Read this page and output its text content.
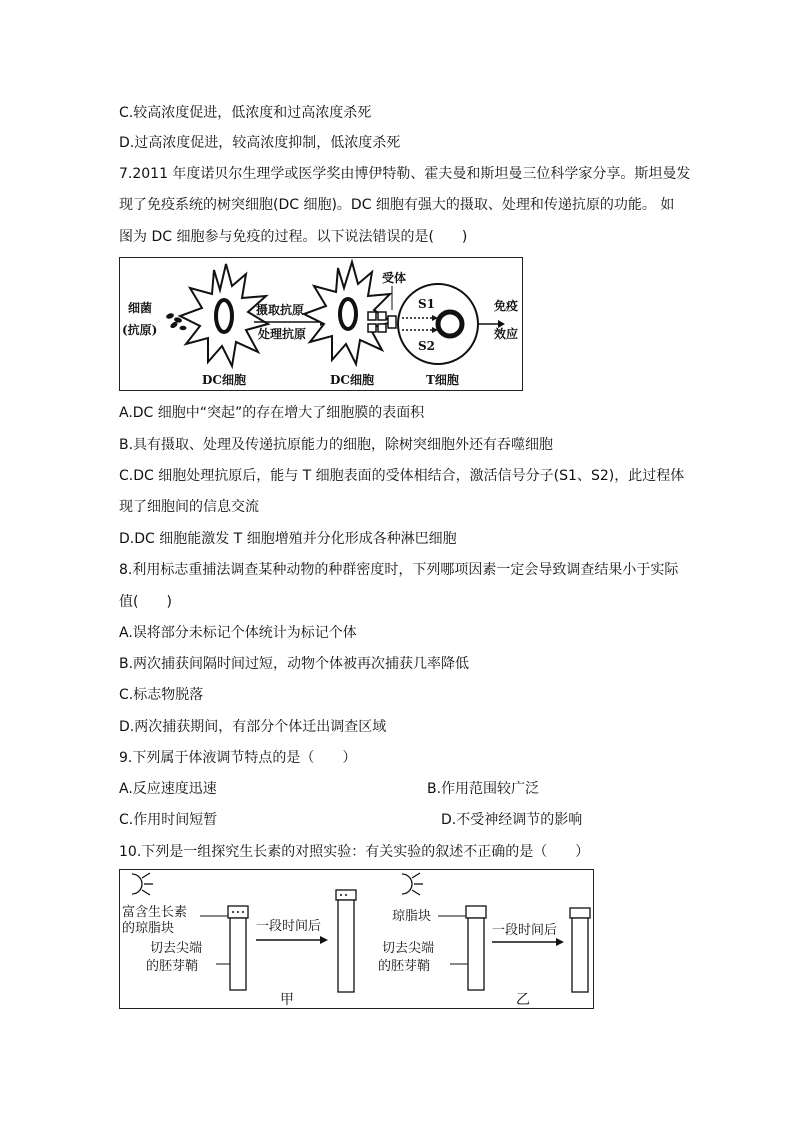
C.较高浓度促进，低浓度和过高浓度杀死
D.过高浓度促进，较高浓度抑制，低浓度杀死
7.2011 年度诺贝尔生理学或医学奖由博伊特勒、霍夫曼和斯坦曼三位科学家分享。斯坦曼发
现了免疫系统的树突细胞(DC 细胞)。DC 细胞有强大的摄取、处理和传递抗原的功能。 如
图为 DC 细胞参与免疫的过程。以下说法错误的是(　　)
细菌
(抗原)
DC细胞
摄取抗原
处理抗原
DC细胞
受体
S1
S2
T细胞
免疫
效应
A.DC 细胞中“突起”的存在增大了细胞膜的表面积
B.具有摄取、处理及传递抗原能力的细胞，除树突细胞外还有吞噬细胞
C.DC 细胞处理抗原后，能与 T 细胞表面的受体相结合，激活信号分子(S1、S2)，此过程体
现了细胞间的信息交流
D.DC 细胞能激发 T 细胞增殖并分化形成各种淋巴细胞
8.利用标志重捕法调查某种动物的种群密度时，下列哪项因素一定会导致调查结果小于实际
值(　　)
A.误将部分未标记个体统计为标记个体
B.两次捕获间隔时间过短，动物个体被再次捕获几率降低
C.标志物脱落
D.两次捕获期间，有部分个体迁出调查区域
9.下列属于体液调节特点的是（　　）
A.反应速度迅速	B.作用范围较广泛
C.作用时间短暂	D.不受神经调节的影响
10.下列是一组探究生长素的对照实验：有关实验的叙述不正确的是（　　）
富含生长素
的琼脂块
切去尖端
的胚芽鞘
一段时间后
甲
琼脂块
切去尖端
的胚芽鞘
一段时间后
乙
